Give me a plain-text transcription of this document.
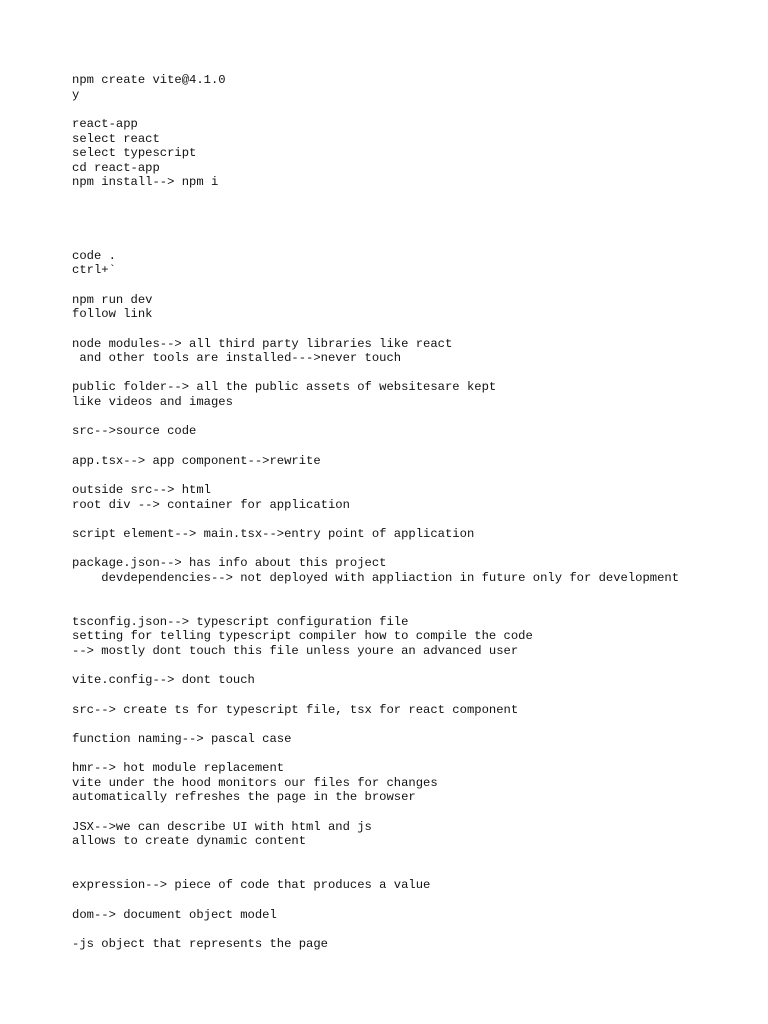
npm create vite@4.1.0
y
react-app
select react
select typescript
cd react-app
npm install--> npm i
code .
ctrl+`
npm run dev
follow link
node modules--> all third party libraries like react
and other tools are installed--->never touch
public folder--> all the public assets of websitesare kept
like videos and images
src-->source code
app.tsx--> app component-->rewrite
outside src--> html
root div --> container for application
script element--> main.tsx-->entry point of application
package.json--> has info about this project
devdependencies--> not deployed with appliaction in future only for development
tsconfig.json--> typescript configuration file
setting for telling typescript compiler how to compile the code
--> mostly dont touch this file unless youre an advanced user
vite.config--> dont touch
src--> create ts for typescript file, tsx for react component
function naming--> pascal case
hmr--> hot module replacement
vite under the hood monitors our files for changes
automatically refreshes the page in the browser
JSX-->we can describe UI with html and js
allows to create dynamic content
expression--> piece of code that produces a value
dom--> document object model
-js object that represents the page
